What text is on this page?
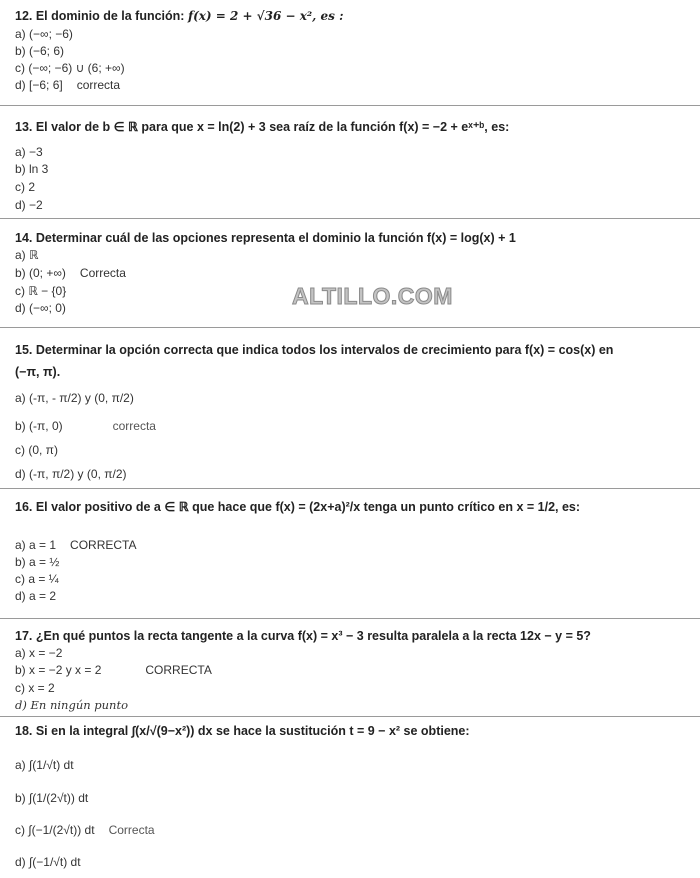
12. El dominio de la función: f(x) = 2 + √36 − x², es :
a) (−∞; −6)
b) (−6; 6)
c) (−∞; −6) ∪ (6; +∞)
d) [−6; 6] correcta
13. El valor de b ∈ ℝ para que x = ln(2) + 3 sea raíz de la función f(x) = −2 + eˣ⁺ᵇ, es:
a) −3
b) ln 3
c) 2
d) −2
14. Determinar cuál de las opciones representa el dominio la función f(x) = log(x) + 1
a) ℝ
b) (0; +∞) Correcta
c) ℝ − {0}
d) (−∞; 0)	ALTILLO.COM
15. Determinar la opción correcta que indica todos los intervalos de crecimiento para f(x) = cos(x) en
(−π, π).
a) (-π, - π/2) y (0, π/2)
b) (-π, 0)	correcta
c) (0, π)
d) (-π, π/2) y (0, π/2)
16. El valor positivo de a ∈ ℝ que hace que f(x) = (2x+a)²/x tenga un punto crítico en x = 1/2, es:
a) a = 1 CORRECTA
b) a = ½
c) a = ¼
d) a = 2
17. ¿En qué puntos la recta tangente a la curva f(x) = x³ − 3 resulta paralela a la recta 12x − y = 5?
a) x = −2
b) x = −2 y x = 2	CORRECTA
c) x = 2
d) En ningún punto
18. Si en la integral ∫(x/√(9−x²)) dx se hace la sustitución t = 9 − x² se obtiene:
a) ∫(1/√t) dt
b) ∫(1/(2√t)) dt
c) ∫(−1/(2√t)) dt Correcta
d) ∫(−1/√t) dt
